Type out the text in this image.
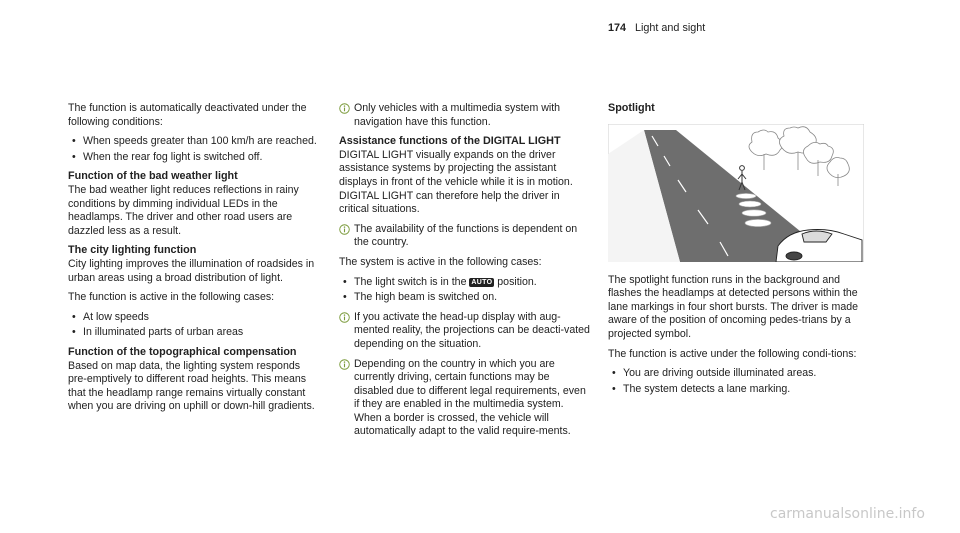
174 Light and sight

The function is automatically deactivated under the following conditions:

• When speeds greater than 100 km/h are reached.
• When the rear fog light is switched off.
Function of the bad weather light

The bad weather light reduces reflections in rainy conditions by dimming individual LEDs in the headlamps. The driver and other road users are dazzled less as a result.

The city lighting function

City lighting improves the illumination of roadsides in urban areas using a broad distribution of light.

The function is active in the following cases:

• At low speeds
• In illuminated parts of urban areas
Function of the topographical compensation

Based on map data, the lighting system responds pre-emptively to different road heights. This means that the headlamp range remains virtually constant when you are driving on uphill or down-hill gradients.

Only vehicles with a multimedia system with navigation have this function.
Assistance functions of the DIGITAL LIGHT

DIGITAL LIGHT visually expands on the driver assistance systems by projecting the assistant displays in front of the vehicle while it is in motion. DIGITAL LIGHT can therefore help the driver in critical situations.

The availability of the functions is dependent on the country.

The system is active in the following cases:

• The light switch is in the AUTO position.
• The high beam is switched on.
If you activate the head-up display with aug-mented reality, the projections can be deacti-vated depending on the situation.
Depending on the country in which you are currently driving, certain functions may be disabled due to different legal requirements, even if they are enabled in the multimedia system. When a border is crossed, the vehicle will automatically adapt to the valid require-ments.
Spotlight

The spotlight function runs in the background and flashes the headlamps at detected persons within the lane markings in four short bursts. The driver is made aware of the position of oncoming pedes-trians by a projected symbol.

The function is active under the following condi-tions:

• You are driving outside illuminated areas.
• The system detects a lane marking.
carmanualsonline.info
